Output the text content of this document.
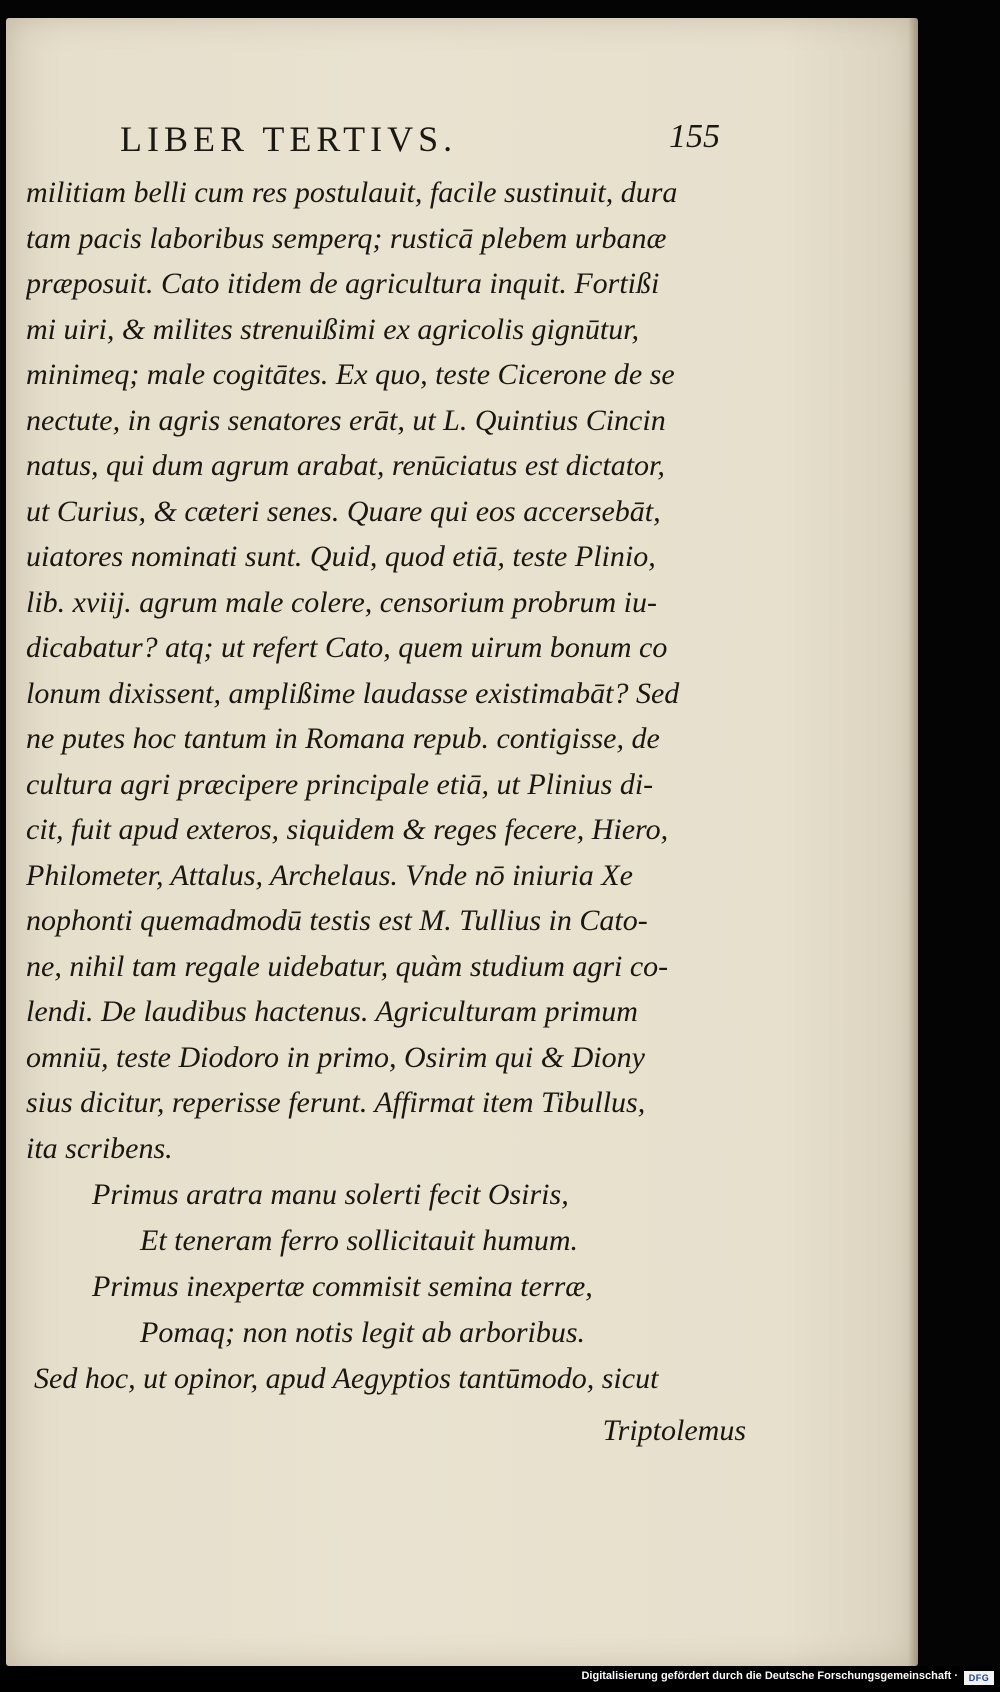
LIBER TERTIVS.	155
militiam belli cum res postulauit, facile sustinuit, dura
tam pacis laboribus semperq; rusticā plebem urbanæ
præposuit. Cato itidem de agricultura inquit. Fortißi
mi uiri, & milites strenuißimi ex agricolis gignūtur,
minimeq; male cogitātes. Ex quo, teste Cicerone de se
nectute, in agris senatores erāt, ut L. Quintius Cincin
natus, qui dum agrum arabat, renūciatus est dictator,
ut Curius, & cæteri senes. Quare qui eos accersebāt,
uiatores nominati sunt. Quid, quod etiā, teste Plinio,
lib. xviij. agrum male colere, censorium probrum iu-
dicabatur? atq; ut refert Cato, quem uirum bonum co
lonum dixissent, amplißime laudasse existimabāt? Sed
ne putes hoc tantum in Romana repub. contigisse, de
cultura agri præcipere principale etiā, ut Plinius di-
cit, fuit apud exteros, siquidem & reges fecere, Hiero,
Philometer, Attalus, Archelaus. Vnde nō iniuria Xe
nophonti quemadmodū testis est M. Tullius in Cato-
ne, nihil tam regale uidebatur, quàm studium agri co-
lendi. De laudibus hactenus. Agriculturam primum
omniū, teste Diodoro in primo, Osirim qui & Diony
sius dicitur, reperisse ferunt. Affirmat item Tibullus,
ita scribens.
Primus aratra manu solerti fecit Osiris,
Et teneram ferro sollicitauit humum.
Primus inexpertæ commisit semina terræ,
Pomaq; non notis legit ab arboribus.
Sed hoc, ut opinor, apud Aegyptios tantūmodo, sicut
Triptolemus
Digitalisierung gefördert durch die Deutsche Forschungsgemeinschaft ·	DFG
